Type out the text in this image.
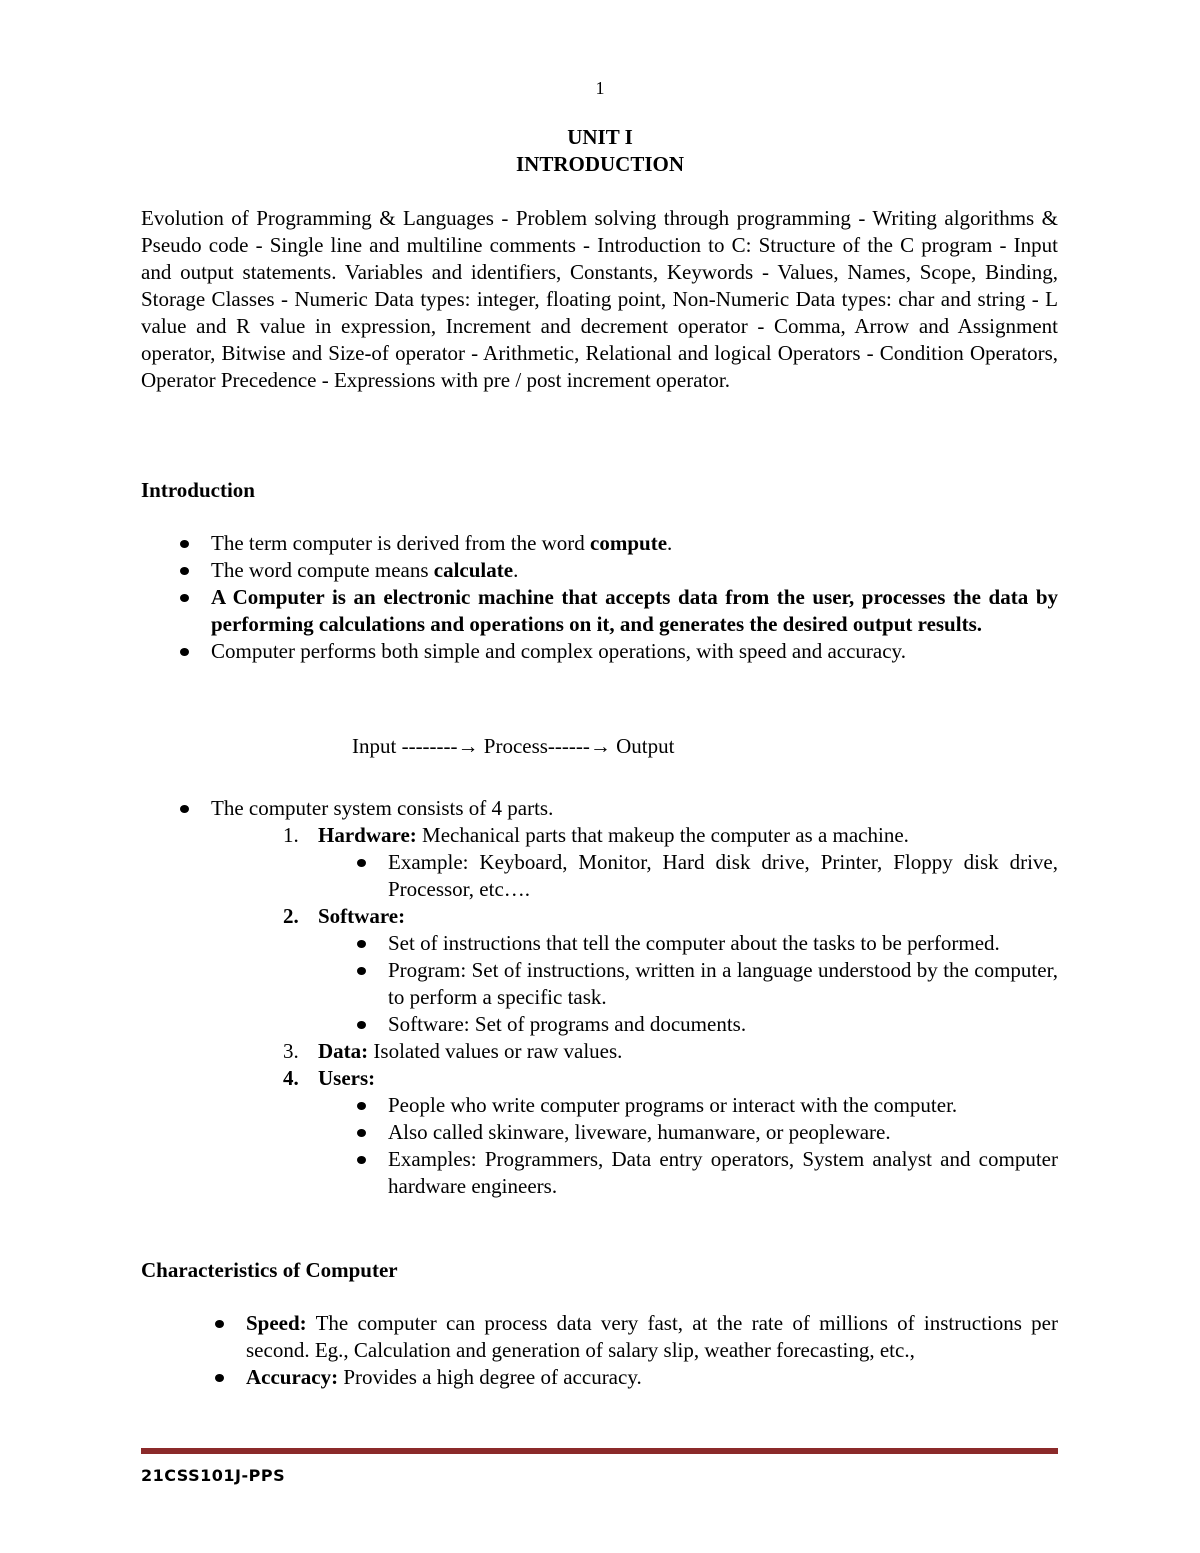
1
UNIT I
INTRODUCTION

Evolution of Programming & Languages - Problem solving through programming - Writing algorithms & Pseudo code - Single line and multiline comments - Introduction to C: Structure of the C program - Input and output statements. Variables and identifiers, Constants, Keywords - Values, Names, Scope, Binding, Storage Classes - Numeric Data types: integer, floating point, Non-Numeric Data types: char and string - L value and R value in expression, Increment and decrement operator - Comma, Arrow and Assignment operator, Bitwise and Size-of operator - Arithmetic, Relational and logical Operators - Condition Operators, Operator Precedence - Expressions with pre / post increment operator.

Introduction
The term computer is derived from the word compute.
The word compute means calculate.
A Computer is an electronic machine that accepts data from the user, processes the data by performing calculations and operations on it, and generates the desired output results.
Computer performs both simple and complex operations, with speed and accuracy.
Input --------→ Process------→ Output
The computer system consists of 4 parts.
1. Hardware: Mechanical parts that makeup the computer as a machine.
Example: Keyboard, Monitor, Hard disk drive, Printer, Floppy disk drive, Processor, etc….
2. Software:
Set of instructions that tell the computer about the tasks to be performed.
Program: Set of instructions, written in a language understood by the computer, to perform a specific task.
Software: Set of programs and documents.
3. Data: Isolated values or raw values.
4. Users:
People who write computer programs or interact with the computer.
Also called skinware, liveware, humanware, or peopleware.
Examples: Programmers, Data entry operators, System analyst and computer hardware engineers.
Characteristics of Computer
Speed: The computer can process data very fast, at the rate of millions of instructions per second. Eg., Calculation and generation of salary slip, weather forecasting, etc.,
Accuracy: Provides a high degree of accuracy.
21CSS101J-PPS
